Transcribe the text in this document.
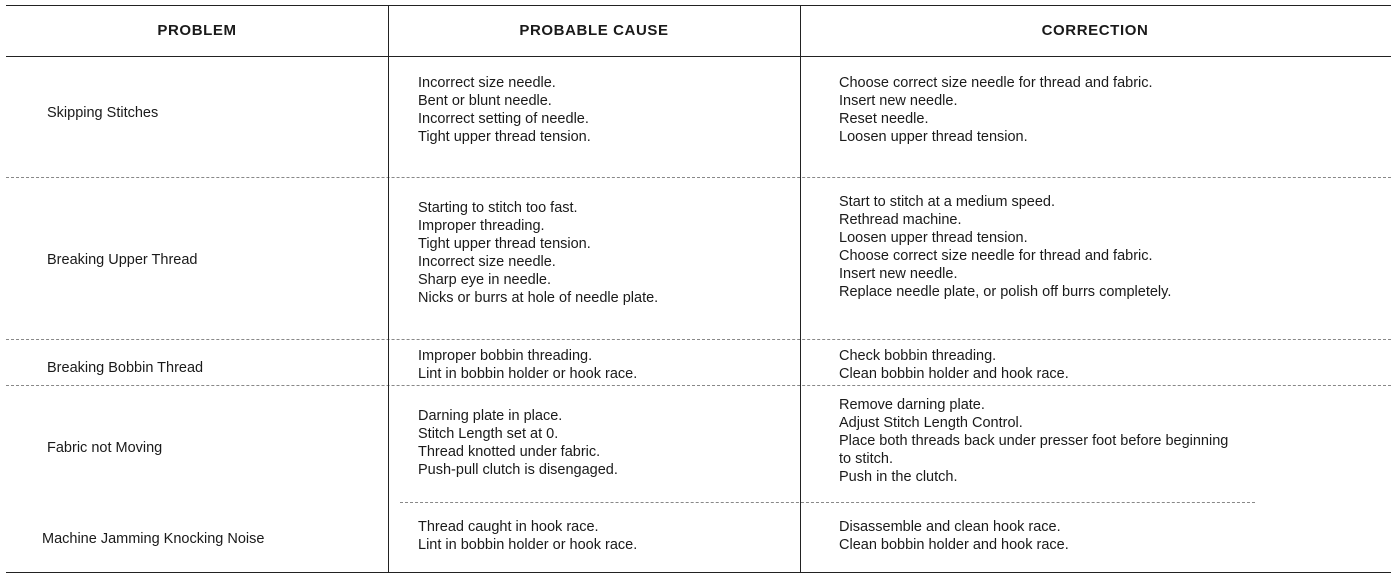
PROBLEM	PROBABLE CAUSE	CORRECTION
Skipping Stitches
Incorrect size needle.
Bent or blunt needle.
Incorrect setting of needle.
Tight upper thread tension.
Choose correct size needle for thread and fabric.
Insert new needle.
Reset needle.
Loosen upper thread tension.
Breaking Upper Thread
Starting to stitch too fast.
Improper threading.
Tight upper thread tension.
Incorrect size needle.
Sharp eye in needle.
Nicks or burrs at hole of needle plate.
Start to stitch at a medium speed.
Rethread machine.
Loosen upper thread tension.
Choose correct size needle for thread and fabric.
Insert new needle.
Replace needle plate, or polish off burrs completely.
Breaking Bobbin Thread
Improper bobbin threading.
Lint in bobbin holder or hook race.
Check bobbin threading.
Clean bobbin holder and hook race.
Fabric not Moving
Darning plate in place.
Stitch Length set at 0.
Thread knotted under fabric.
Push-pull clutch is disengaged.
Remove darning plate.
Adjust Stitch Length Control.
Place both threads back under presser foot before beginning
to stitch.
Push in the clutch.
Machine Jamming Knocking Noise
Thread caught in hook race.
Lint in bobbin holder or hook race.
Disassemble and clean hook race.
Clean bobbin holder and hook race.
